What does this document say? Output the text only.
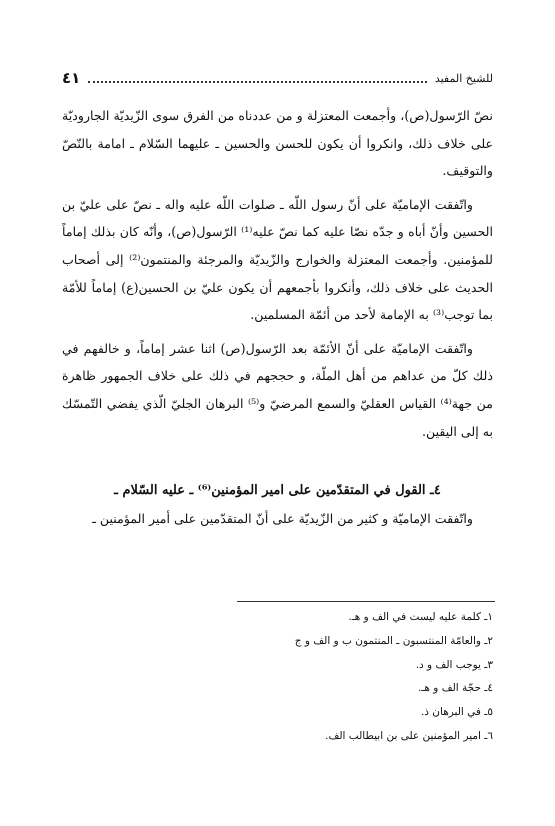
٤١	للشيخ المفيد

نصّ الرّسول(ص)، وأجمعت المعتزلة و من عددناه من الفرق سوى الزّيديّة الجاروديّة على خلاف ذلك، وانكروا أن يكون للحسن والحسين ـ عليهما السّلام ـ امامة بالنّصّ والتوقيف.

واتّفقت الإماميّة على أنّ رسول اللّه ـ صلوات اللّه عليه واله ـ نصّ على عليّ بن الحسين وأنّ أباه و جدّه نصّا عليه كما نصّ عليه⁽¹⁾ الرّسول(ص)، وأنّه كان بذلك إماماً للمؤمنين. وأجمعت المعتزلة والخوارج والزّيديّة والمرجئة والمنتمون⁽²⁾ إلى أصحاب الحديث على خلاف ذلك، وأنكروا بأجمعهم أن يكون عليّ بن الحسين(ع) إماماً للأمّة بما توجب⁽³⁾ به الإمامة لأحد من أئمّة المسلمين.

واتّفقت الإماميّة على أنّ الأئمّة بعد الرّسول(ص) اثنا عشر إماماً، و خالفهم في ذلك كلّ من عداهم من أهل الملّة، و حججهم في ذلك على خلاف الجمهور ظاهرة من جهة⁽⁴⁾ القياس العقليّ والسمع المرضيّ و⁽⁵⁾ البرهان الجليّ الّذي يفضي التّمسّك به إلى اليقين.

٤ـ القول في المتقدّمين على امير المؤمنين⁽⁶⁾ ـ عليه السّلام ـ

واتّفقت الإماميّة و كثير من الزّيديّة على أنّ المتقدّمين على أمير المؤمنين ـ

١ـ كلمة عليه ليست في الف و هـ.
٢ـ والعامّة المنتسبون ـ المنتمون ب و الف و ج
٣ـ يوجب الف و د.
٤ـ حجّة الف و هـ.
٥ـ في البرهان ذ.
٦ـ امير المؤمنين على بن ابيطالب الف.
